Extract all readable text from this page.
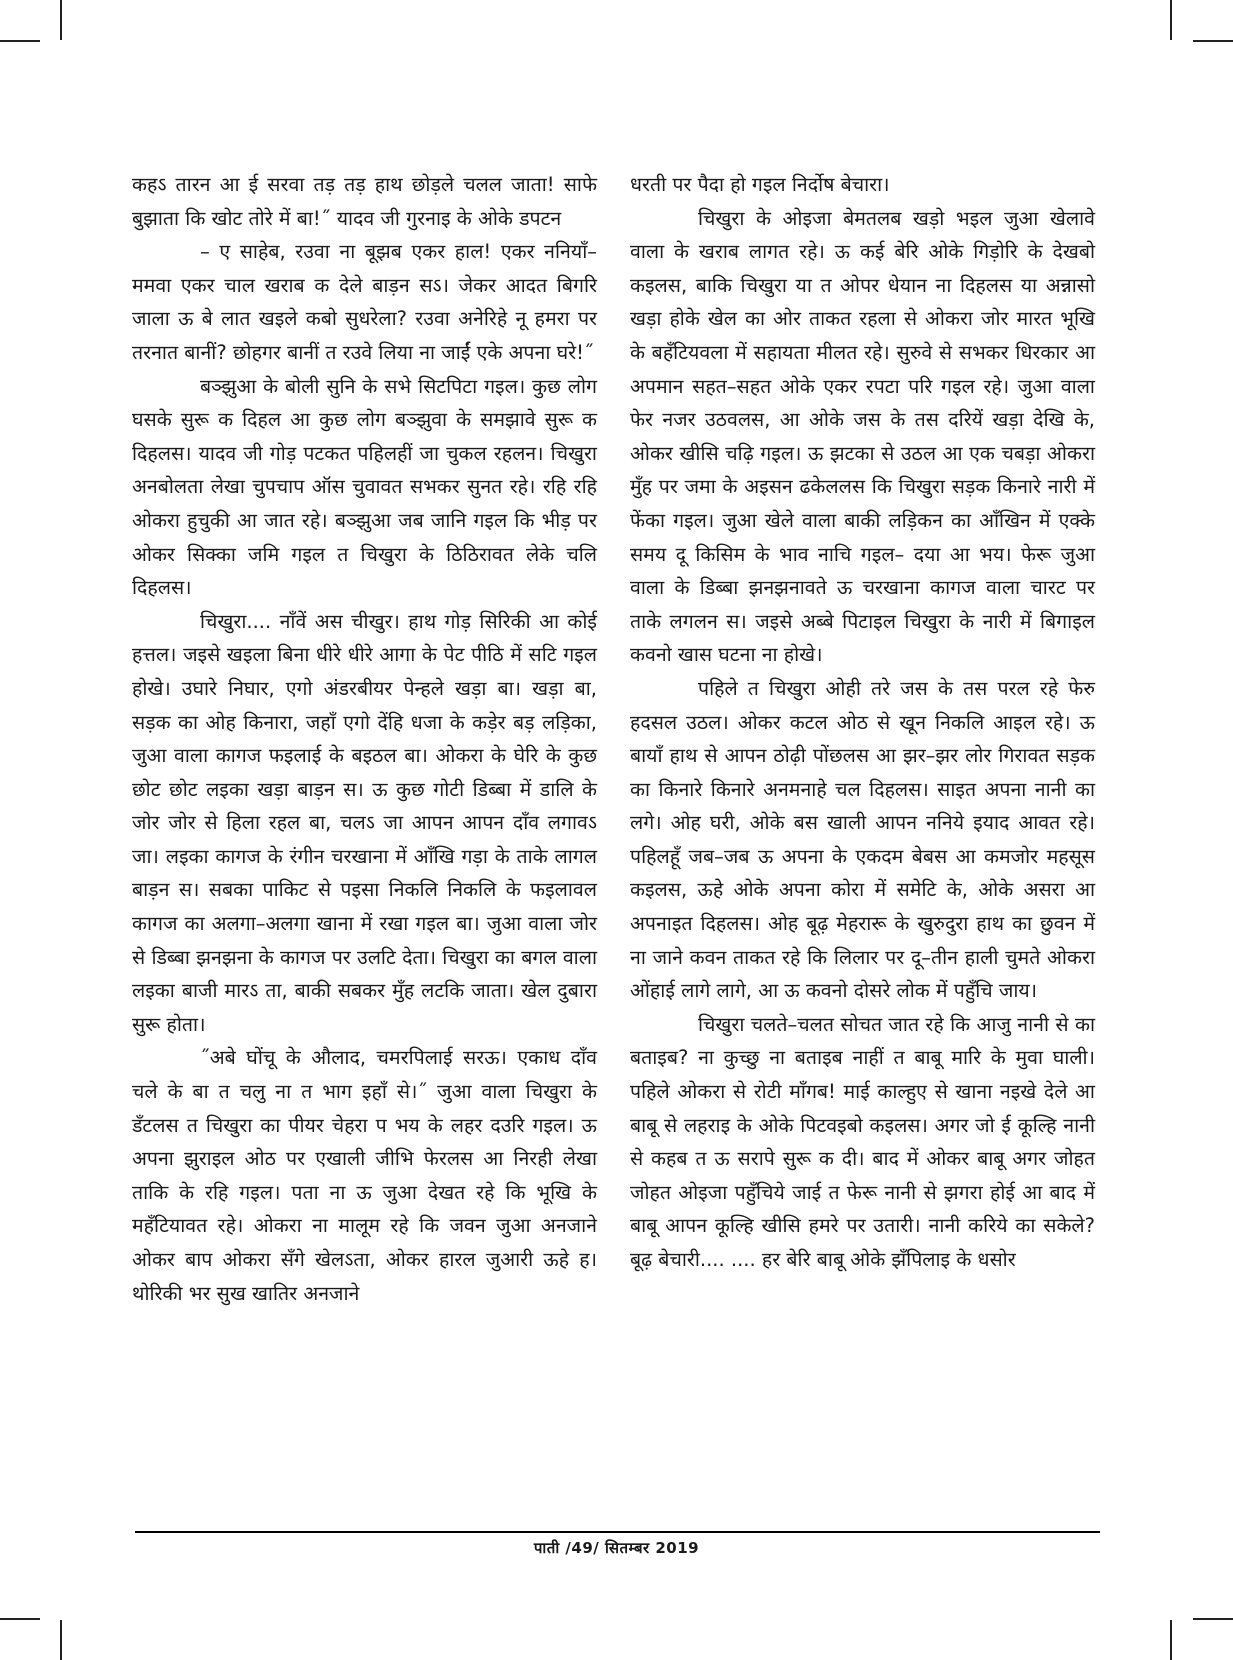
कहऽ तारन आ ई सरवा तड़ तड़ हाथ छोड़ले चलल जाता! साफे बुझाता कि खोट तोरे में बा!˝ यादव जी गुरनाइ के ओके डपटन

– ए साहेब, रउवा ना बूझब एकर हाल! एकर ननियाँ–ममवा एकर चाल खराब क देले बाड़न सऽ। जेकर आदत बिगरि जाला ऊ बे लात खइले कबो सुधरेला? रउवा अनेरिहे नू हमरा पर तरनात बानीं? छोहगर बानीं त रउवे लिया ना जाईं एके अपना घरे!˝

बञ्झुआ के बोली सुनि के सभे सिटपिटा गइल। कुछ लोग घसके सुरू क दिहल आ कुछ लोग बञ्झुवा के समझावे सुरू क दिहलस। यादव जी गोड़ पटकत पहिलहीं जा चुकल रहलन। चिखुरा अनबोलता लेखा चुपचाप ऑस चुवावत सभकर सुनत रहे। रहि रहि ओकरा हुचुकी आ जात रहे। बञ्झुआ जब जानि गइल कि भीड़ पर ओकर सिक्का जमि गइल त चिखुरा के ठिठिरावत लेके चलि दिहलस।

चिखुरा.... नाँवें अस चीखुर। हाथ गोड़ सिरिकी आ कोई हत्तल। जइसे खइला बिना धीरे धीरे आगा के पेट पीठि में सटि गइल होखे। उघारे निघार, एगो अंडरबीयर पेन्हले खड़ा बा। खड़ा बा, सड़क का ओह किनारा, जहाँ एगो देंहि धजा के कड़ेर बड़ लड़िका, जुआ वाला कागज फइलाई के बइठल बा। ओकरा के घेरि के कुछ छोट छोट लइका खड़ा बाड़न स। ऊ कुछ गोटी डिब्बा में डालि के जोर जोर से हिला रहल बा, चलऽ जा आपन आपन दाँव लगावऽ जा। लइका कागज के रंगीन चरखाना में आँखि गड़ा के ताके लागल बाड़न स। सबका पाकिट से पइसा निकलि निकलि के फइलावल कागज का अलगा–अलगा खाना में रखा गइल बा। जुआ वाला जोर से डिब्बा झनझना के कागज पर उलटि देता। चिखुरा का बगल वाला लइका बाजी मारऽ ता, बाकी सबकर मुँह लटकि जाता। खेल दुबारा सुरू होता।

˝अबे घोंचू के औलाद, चमरपिलाई सरऊ। एकाध दाँव चले के बा त चलु ना त भाग इहाँ से।˝ जुआ वाला चिखुरा के डँटलस त चिखुरा का पीयर चेहरा प भय के लहर दउरि गइल। ऊ अपना झुराइल ओठ पर एखाली जीभि फेरलस आ निरही लेखा ताकि के रहि गइल। पता ना ऊ जुआ देखत रहे कि भूखि के महँटियावत रहे। ओकरा ना मालूम रहे कि जवन जुआ अनजाने ओकर बाप ओकरा सँगे खेलऽता, ओकर हारल जुआरी ऊहे ह। थोरिकी भर सुख खातिर अनजाने

धरती पर पैदा हो गइल निर्दोष बेचारा।

चिखुरा के ओइजा बेमतलब खड़ो भइल जुआ खेलावे वाला के खराब लागत रहे। ऊ कई बेरि ओके गिड़ोरि के देखबो कइलस, बाकि चिखुरा या त ओपर धेयान ना दिहलस या अन्नासो खड़ा होके खेल का ओर ताकत रहला से ओकरा जोर मारत भूखि के बहँटियवला में सहायता मीलत रहे। सुरुवे से सभकर धिरकार आ अपमान सहत–सहत ओके एकर रपटा परि गइल रहे। जुआ वाला फेर नजर उठवलस, आ ओके जस के तस दरियें खड़ा देखि के, ओकर खीसि चढ़ि गइल। ऊ झटका से उठल आ एक चबड़ा ओकरा मुँह पर जमा के अइसन ढकेललस कि चिखुरा सड़क किनारे नारी में फेंका गइल। जुआ खेले वाला बाकी लड़िकन का आँखिन में एक्के समय दू किसिम के भाव नाचि गइल– दया आ भय। फेरू जुआ वाला के डिब्बा झनझनावते ऊ चरखाना कागज वाला चारट पर ताके लगलन स। जइसे अब्बे पिटाइल चिखुरा के नारी में बिगाइल कवनो खास घटना ना होखे।

पहिले त चिखुरा ओही तरे जस के तस परल रहे फेरु हदसल उठल। ओकर कटल ओठ से खून निकलि आइल रहे। ऊ बायाँ हाथ से आपन ठोढ़ी पोंछलस आ झर–झर लोर गिरावत सड़क का किनारे किनारे अनमनाहे चल दिहलस। साइत अपना नानी का लगे। ओह घरी, ओके बस खाली आपन ननिये इयाद आवत रहे। पहिलहूँ जब–जब ऊ अपना के एकदम बेबस आ कमजोर महसूस कइलस, ऊहे ओके अपना कोरा में समेटि के, ओके असरा आ अपनाइत दिहलस। ओह बूढ़ मेहरारू के खुरुदुरा हाथ का छुवन में ना जाने कवन ताकत रहे कि लिलार पर दू–तीन हाली चुमते ओकरा ओंहाई लागे लागे, आ ऊ कवनो दोसरे लोक में पहुँचि जाय।

चिखुरा चलते–चलत सोचत जात रहे कि आजु नानी से का बताइब? ना कुच्छु ना बताइब नाहीं त बाबू मारि के मुवा घाली। पहिले ओकरा से रोटी माँगब! माई काल्हुए से खाना नइखे देले आ बाबू से लहराइ के ओके पिटवइबो कइलस। अगर जो ई कूल्हि नानी से कहब त ऊ सरापे सुरू क दी। बाद में ओकर बाबू अगर जोहत जोहत ओइजा पहुँचिये जाई त फेरू नानी से झगरा होई आ बाद में बाबू आपन कूल्हि खीसि हमरे पर उतारी। नानी करिये का सकेले? बूढ़ बेचारी.... .... हर बेरि बाबू ओके झँपिलाइ के धसोर

पाती /49/ सितम्बर 2019
